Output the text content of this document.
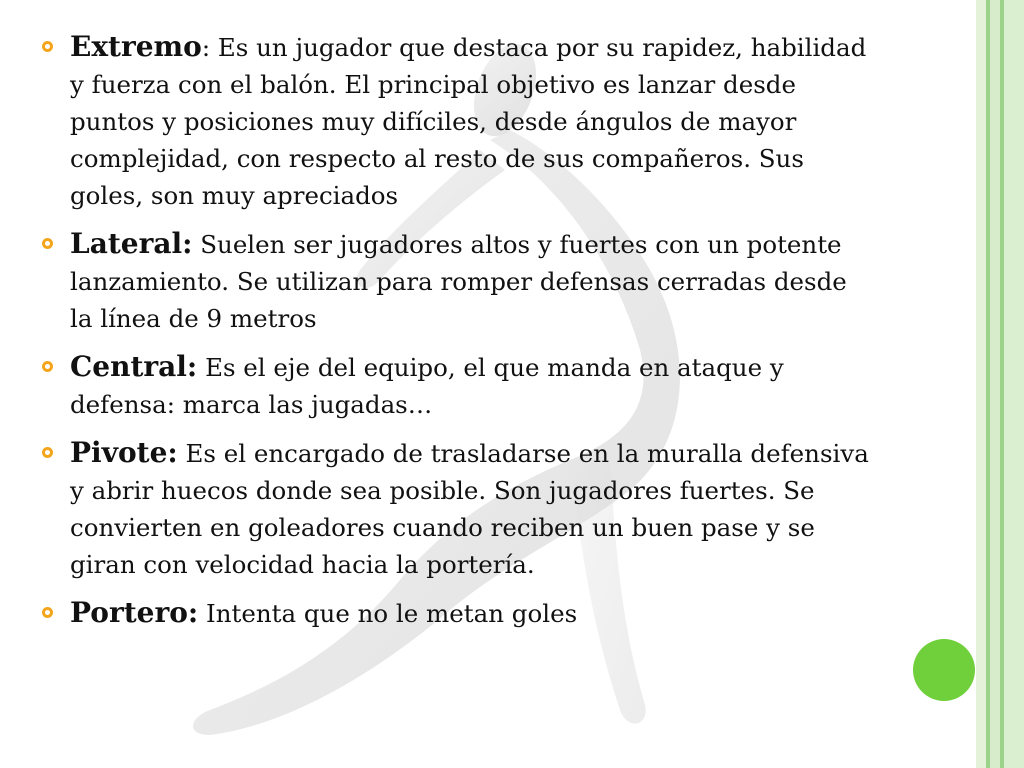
Extremo: Es un jugador que destaca por su rapidez, habilidad y fuerza con el balón. El principal objetivo es lanzar desde puntos y posiciones muy difíciles, desde ángulos de mayor complejidad, con respecto al resto de sus compañeros. Sus goles, son muy apreciados
Lateral: Suelen ser jugadores altos y fuertes con un potente lanzamiento. Se utilizan para romper defensas cerradas desde la línea de 9 metros
Central: Es el eje del equipo, el que manda en ataque y defensa: marca las jugadas…
Pivote: Es el encargado de trasladarse en la muralla defensiva y abrir huecos donde sea posible. Son jugadores fuertes. Se convierten en goleadores cuando reciben un buen pase y se giran con velocidad hacia la portería.
Portero: Intenta que no le metan goles
